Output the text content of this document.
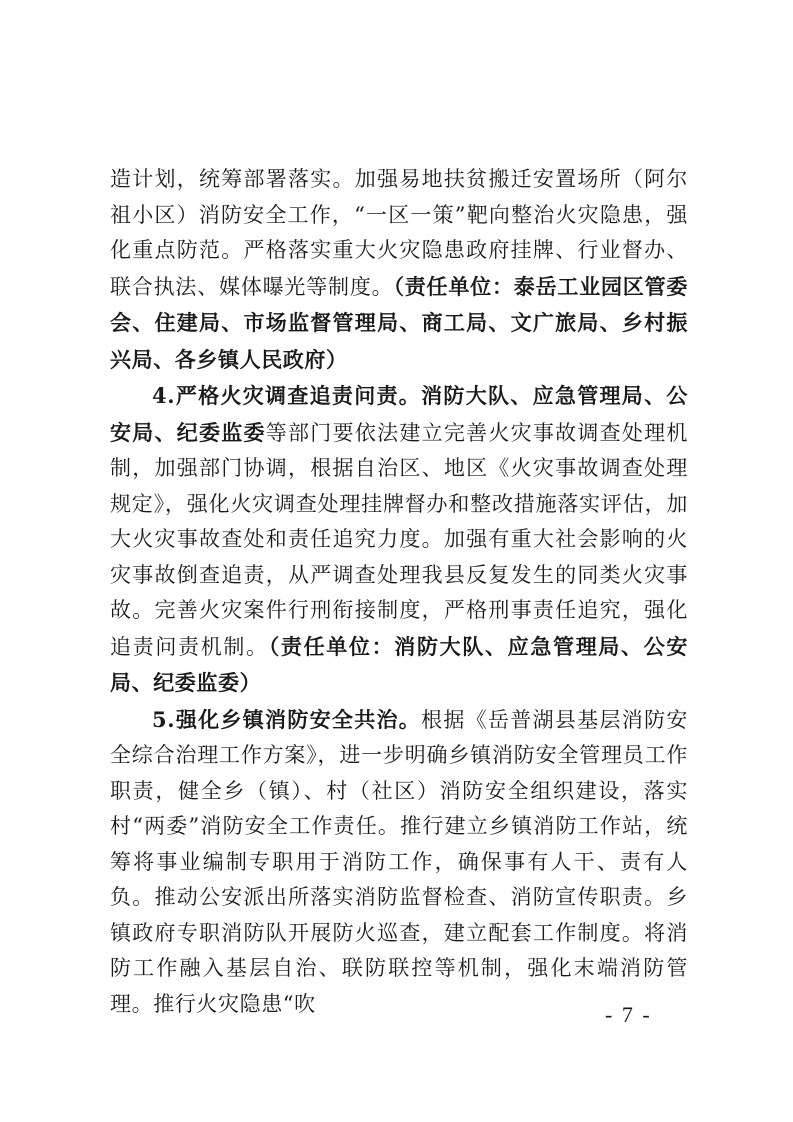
造计划，统筹部署落实。加强易地扶贫搬迁安置场所（阿尔祖小区）消防安全工作，“一区一策”靶向整治火灾隐患，强化重点防范。严格落实重大火灾隐患政府挂牌、行业督办、联合执法、媒体曝光等制度。（责任单位：泰岳工业园区管委会、住建局、市场监督管理局、商工局、文广旅局、乡村振兴局、各乡镇人民政府）

4.严格火灾调查追责问责。消防大队、应急管理局、公安局、纪委监委等部门要依法建立完善火灾事故调查处理机制，加强部门协调，根据自治区、地区《火灾事故调查处理规定》，强化火灾调查处理挂牌督办和整改措施落实评估，加大火灾事故查处和责任追究力度。加强有重大社会影响的火灾事故倒查追责，从严调查处理我县反复发生的同类火灾事故。完善火灾案件行刑衔接制度，严格刑事责任追究，强化追责问责机制。（责任单位：消防大队、应急管理局、公安局、纪委监委）

5.强化乡镇消防安全共治。根据《岳普湖县基层消防安全综合治理工作方案》，进一步明确乡镇消防安全管理员工作职责，健全乡（镇）、村（社区）消防安全组织建设，落实村“两委”消防安全工作责任。推行建立乡镇消防工作站，统筹将事业编制专职用于消防工作，确保事有人干、责有人负。推动公安派出所落实消防监督检查、消防宣传职责。乡镇政府专职消防队开展防火巡查，建立配套工作制度。将消防工作融入基层自治、联防联控等机制，强化末端消防管理。推行火灾隐患“吹	- 7 -
